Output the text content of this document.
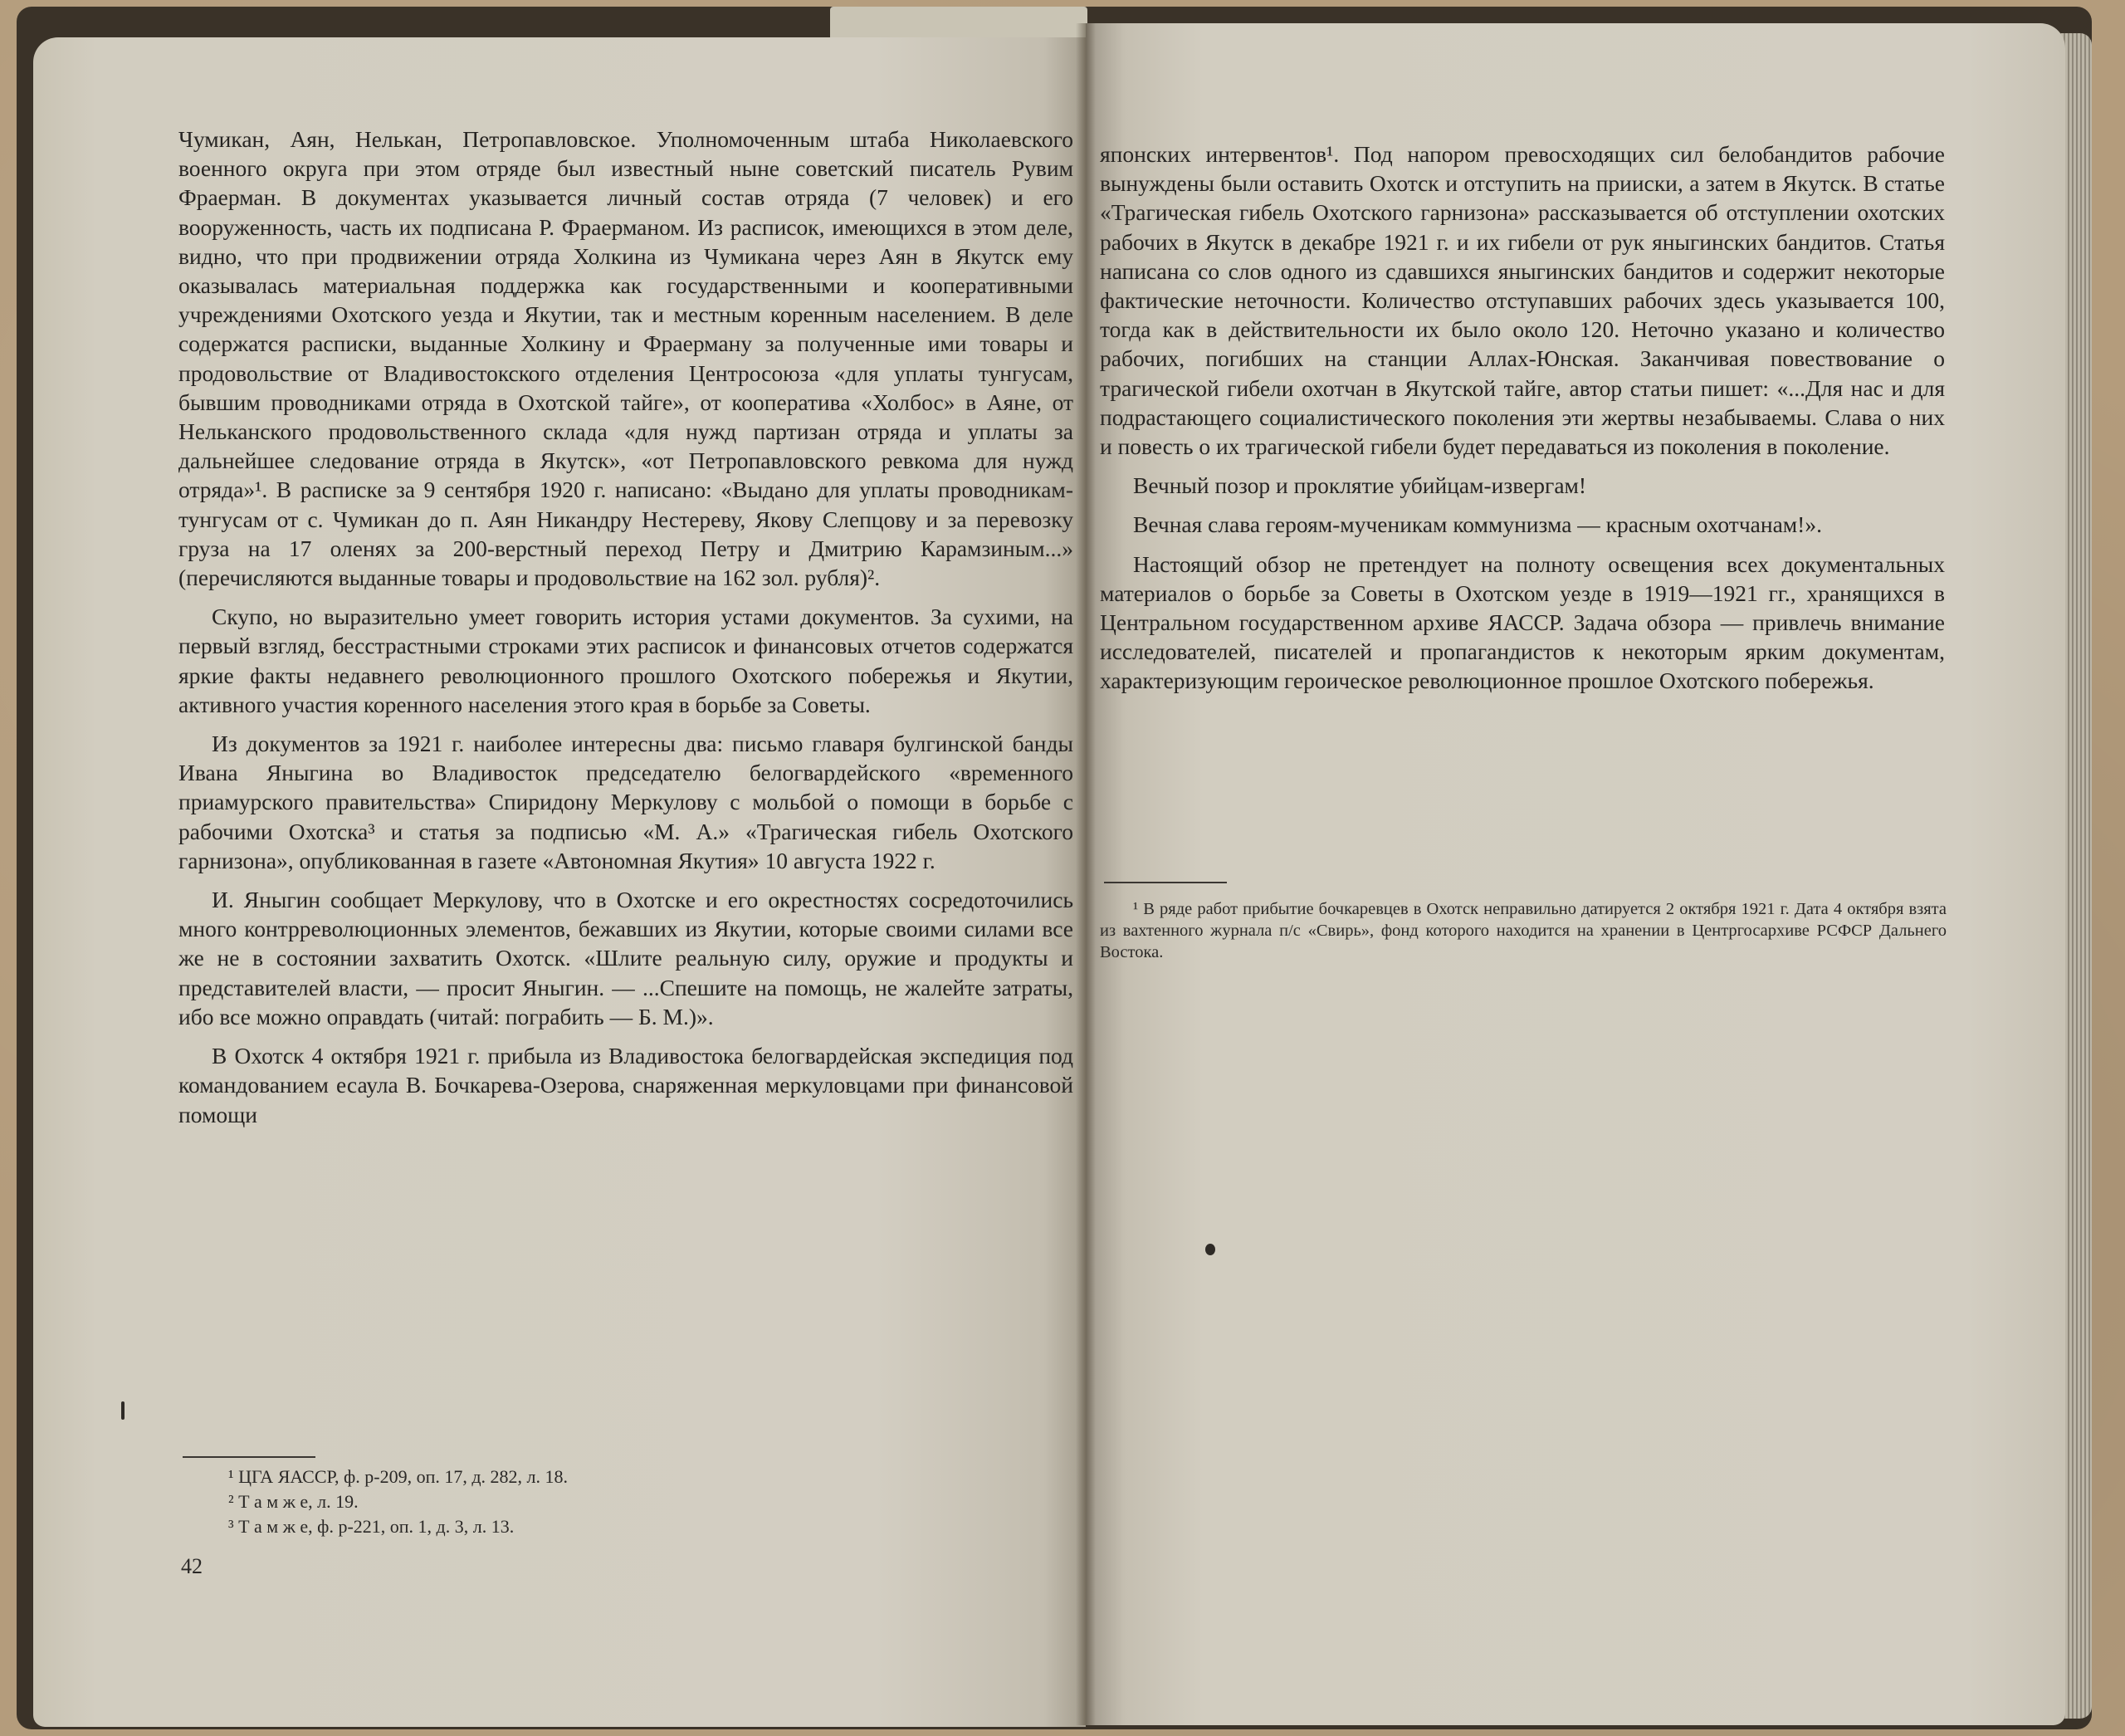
Чумикан, Аян, Нелькан, Петропавловское. Уполномоченным штаба Николаевского военного округа при этом отряде был известный ныне советский писатель Рувим Фраерман. В документах указывается личный состав отряда (7 человек) и его вооруженность, часть их подписана Р. Фраерманом. Из расписок, имеющихся в этом деле, видно, что при продвижении отряда Холкина из Чумикана через Аян в Якутск ему оказывалась материальная поддержка как государственными и кооперативными учреждениями Охотского уезда и Якутии, так и местным коренным населением. В деле содержатся расписки, выданные Холкину и Фраерману за полученные ими товары и продовольствие от Владивостокского отделения Центросоюза «для уплаты тунгусам, бывшим проводниками отряда в Охотской тайге», от кооператива «Холбос» в Аяне, от Нельканского продовольственного склада «для нужд партизан отряда и уплаты за дальнейшее следование отряда в Якутск», «от Петропавловского ревкома для нужд отряда»¹. В расписке за 9 сентября 1920 г. написано: «Выдано для уплаты проводникам-тунгусам от с. Чумикан до п. Аян Никандру Нестереву, Якову Слепцову и за перевозку груза на 17 оленях за 200-верстный переход Петру и Дмитрию Карамзиным...» (перечисляются выданные товары и продовольствие на 162 зол. рубля)².

Скупо, но выразительно умеет говорить история устами документов. За сухими, на первый взгляд, бесстрастными строками этих расписок и финансовых отчетов содержатся яркие факты недавнего революционного прошлого Охотского побережья и Якутии, активного участия коренного населения этого края в борьбе за Советы.

Из документов за 1921 г. наиболее интересны два: письмо главаря булгинской банды Ивана Яныгина во Владивосток председателю белогвардейского «временного приамурского правительства» Спиридону Меркулову с мольбой о помощи в борьбе с рабочими Охотска³ и статья за подписью «М. А.» «Трагическая гибель Охотского гарнизона», опубликованная в газете «Автономная Якутия» 10 августа 1922 г.

И. Яныгин сообщает Меркулову, что в Охотске и его окрестностях сосредоточились много контрреволюционных элементов, бежавших из Якутии, которые своими силами все же не в состоянии захватить Охотск. «Шлите реальную силу, оружие и продукты и представителей власти, — просит Яныгин. — ...Спешите на помощь, не жалейте затраты, ибо все можно оправдать (читай: пограбить — Б. М.)».

В Охотск 4 октября 1921 г. прибыла из Владивостока белогвардейская экспедиция под командованием есаула В. Бочкарева-Озерова, снаряженная меркуловцами при финансовой помощи

¹ ЦГА ЯАССР, ф. р-209, оп. 17, д. 282, л. 18.

² Т а м ж е, л. 19.

³ Т а м ж е, ф. р-221, оп. 1, д. 3, л. 13.

42

японских интервентов¹. Под напором превосходящих сил белобандитов рабочие вынуждены были оставить Охотск и отступить на прииски, а затем в Якутск. В статье «Трагическая гибель Охотского гарнизона» рассказывается об отступлении охотских рабочих в Якутск в декабре 1921 г. и их гибели от рук яныгинских бандитов. Статья написана со слов одного из сдавшихся яныгинских бандитов и содержит некоторые фактические неточности. Количество отступавших рабочих здесь указывается 100, тогда как в действительности их было около 120. Неточно указано и количество рабочих, погибших на станции Аллах-Юнская. Заканчивая повествование о трагической гибели охотчан в Якутской тайге, автор статьи пишет: «...Для нас и для подрастающего социалистического поколения эти жертвы незабываемы. Слава о них и повесть о их трагической гибели будет передаваться из поколения в поколение.

Вечный позор и проклятие убийцам-извергам!

Вечная слава героям-мученикам коммунизма — красным охотчанам!».

Настоящий обзор не претендует на полноту освещения всех документальных материалов о борьбе за Советы в Охотском уезде в 1919—1921 гг., хранящихся в Центральном государственном архиве ЯАССР. Задача обзора — привлечь внимание исследователей, писателей и пропагандистов к некоторым ярким документам, характеризующим героическое революционное прошлое Охотского побережья.

¹ В ряде работ прибытие бочкаревцев в Охотск неправильно датируется 2 октября 1921 г. Дата 4 октября взята из вахтенного журнала п/с «Свирь», фонд которого находится на хранении в Центргосархиве РСФСР Дальнего Востока.
